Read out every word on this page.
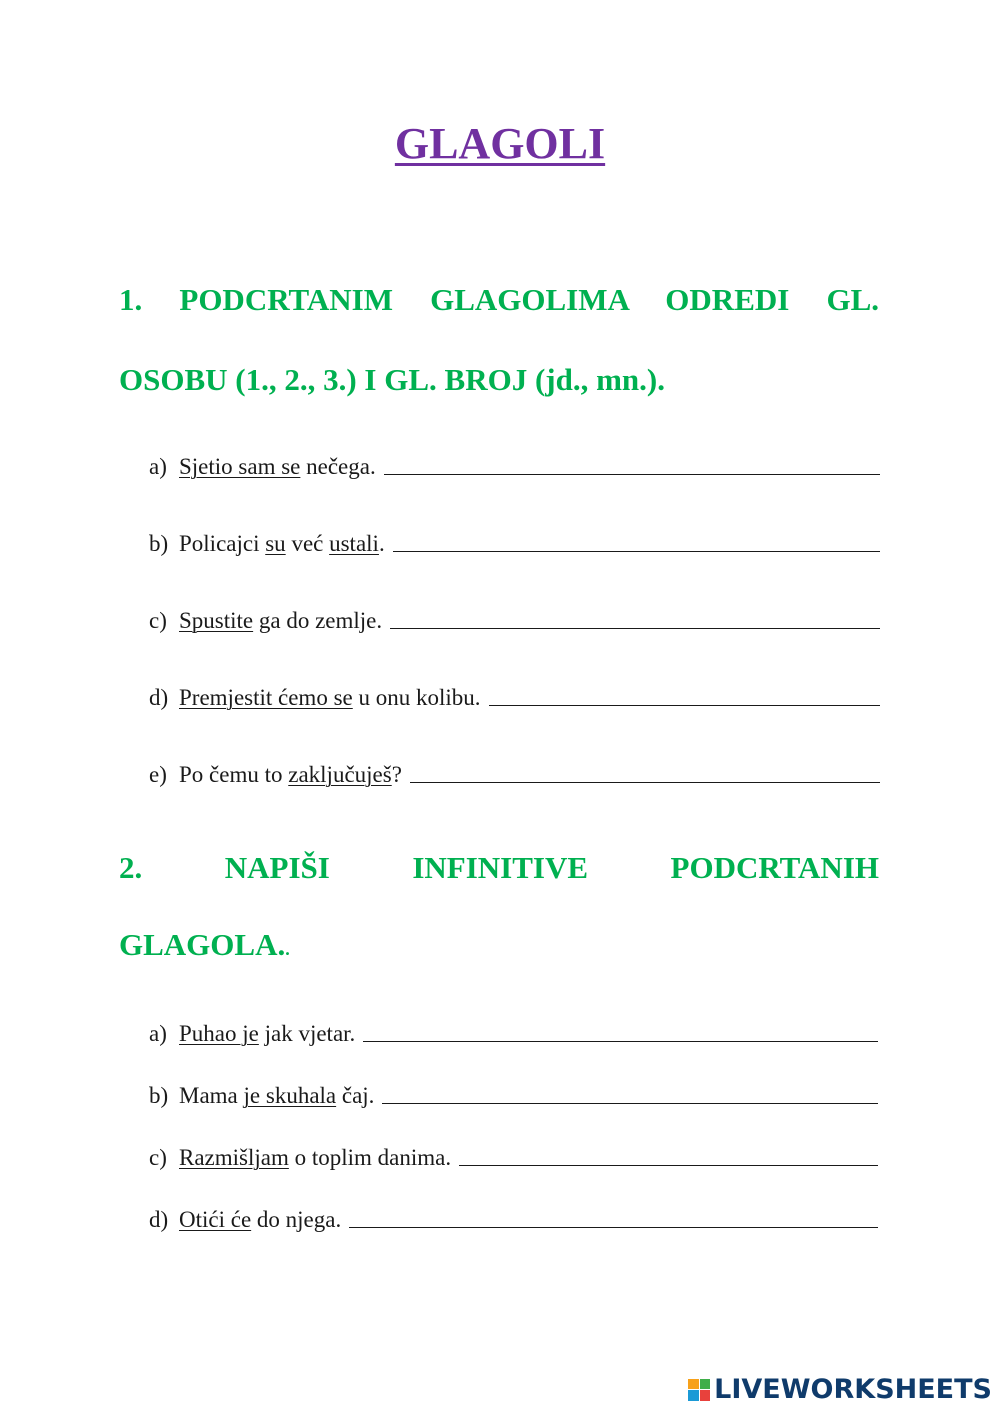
GLAGOLI

1. PODCRTANIM GLAGOLIMA ODREDI GL.

OSOBU (1., 2., 3.) I GL. BROJ (jd., mn.).

a) Sjetio sam se nečega.
b) Policajci su već ustali.
c) Spustite ga do zemlje.
d) Premjestit ćemo se u onu kolibu.
e) Po čemu to zaključuješ?

2. NAPIŠI INFINITIVE PODCRTANIH

GLAGOLA..

a) Puhao je jak vjetar.
b) Mama je skuhala čaj.
c) Razmišljam o toplim danima.
d) Otići će do njega.
LIVEWORKSHEETS
